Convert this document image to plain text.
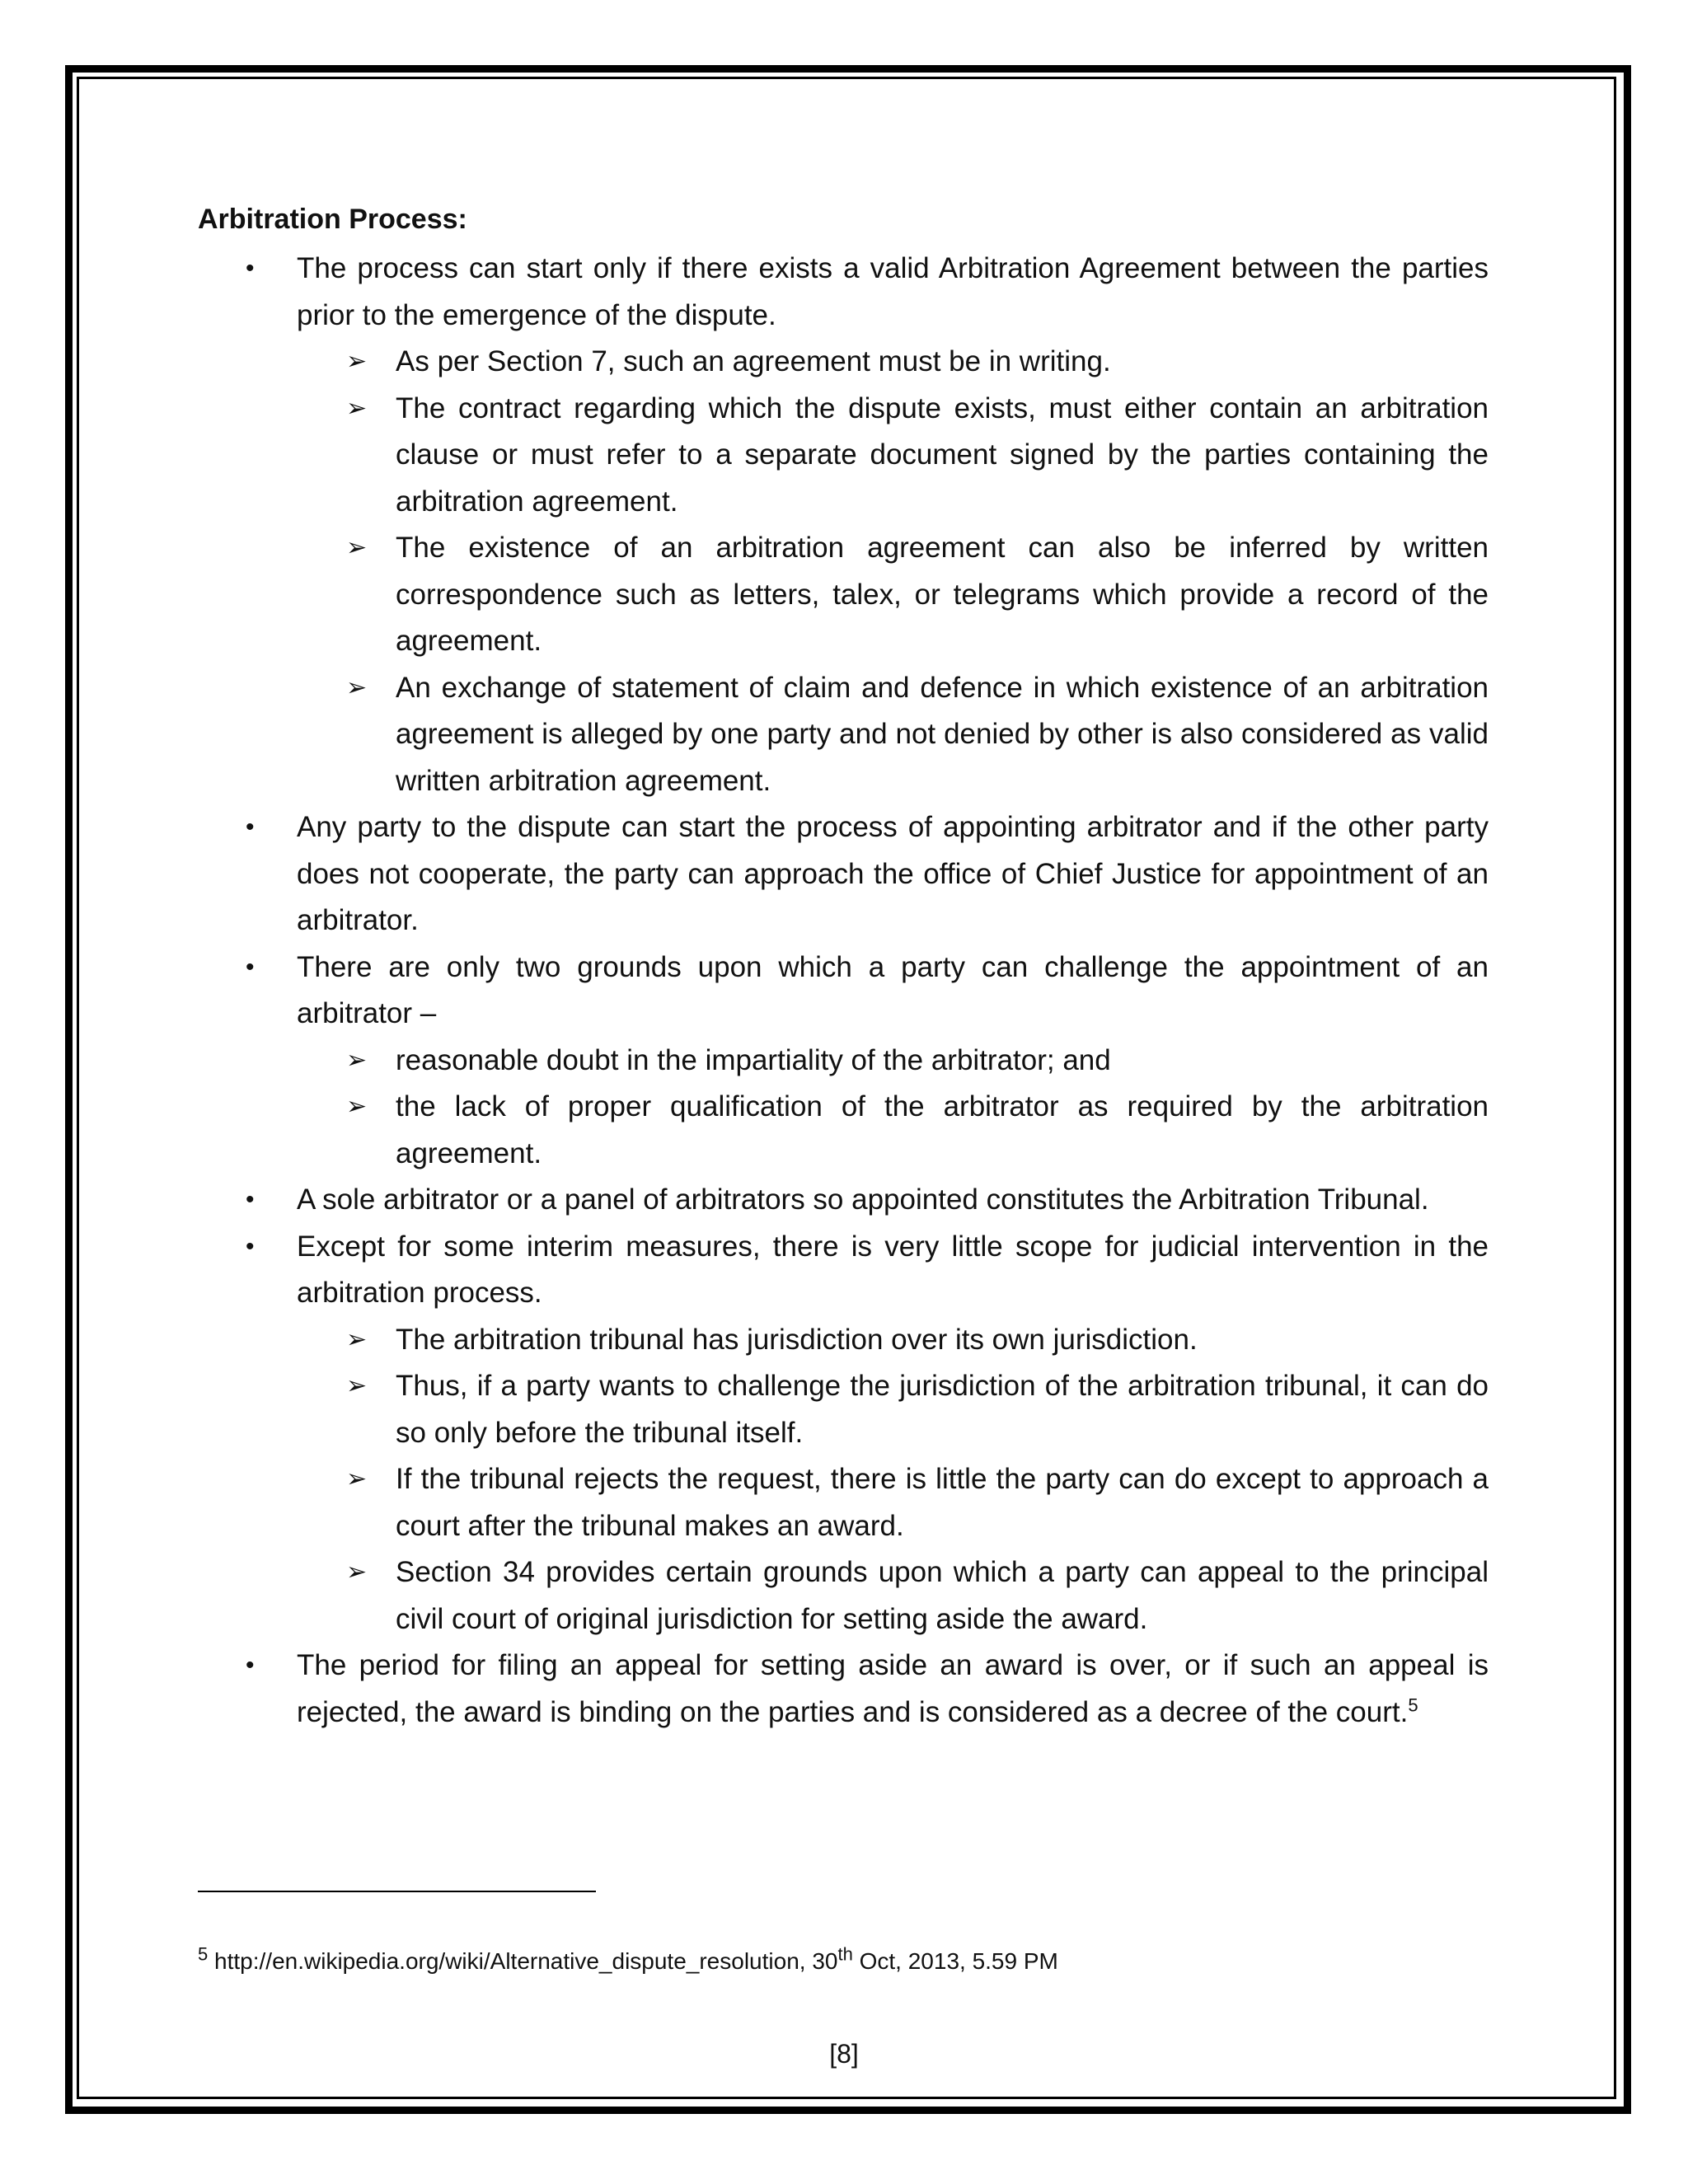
Arbitration Process:
• The process can start only if there exists a valid Arbitration Agreement between the parties prior to the emergence of the dispute.
➢ As per Section 7, such an agreement must be in writing.
➢ The contract regarding which the dispute exists, must either contain an arbitration clause or must refer to a separate document signed by the parties containing the arbitration agreement.
➢ The existence of an arbitration agreement can also be inferred by written correspondence such as letters, talex, or telegrams which provide a record of the agreement.
➢ An exchange of statement of claim and defence in which existence of an arbitration agreement is alleged by one party and not denied by other is also considered as valid written arbitration agreement.
• Any party to the dispute can start the process of appointing arbitrator and if the other party does not cooperate, the party can approach the office of Chief Justice for appointment of an arbitrator.
• There are only two grounds upon which a party can challenge the appointment of an arbitrator –
➢ reasonable doubt in the impartiality of the arbitrator; and
➢ the lack of proper qualification of the arbitrator as required by the arbitration agreement.
• A sole arbitrator or a panel of arbitrators so appointed constitutes the Arbitration Tribunal.
• Except for some interim measures, there is very little scope for judicial intervention in the arbitration process.
➢ The arbitration tribunal has jurisdiction over its own jurisdiction.
➢ Thus, if a party wants to challenge the jurisdiction of the arbitration tribunal, it can do so only before the tribunal itself.
➢ If the tribunal rejects the request, there is little the party can do except to approach a court after the tribunal makes an award.
➢ Section 34 provides certain grounds upon which a party can appeal to the principal civil court of original jurisdiction for setting aside the award.
• The period for filing an appeal for setting aside an award is over, or if such an appeal is rejected, the award is binding on the parties and is considered as a decree of the court.$^5$
$^5$ http://en.wikipedia.org/wiki/Alternative_dispute_resolution, 30th Oct, 2013, 5.59 PM
[8]
